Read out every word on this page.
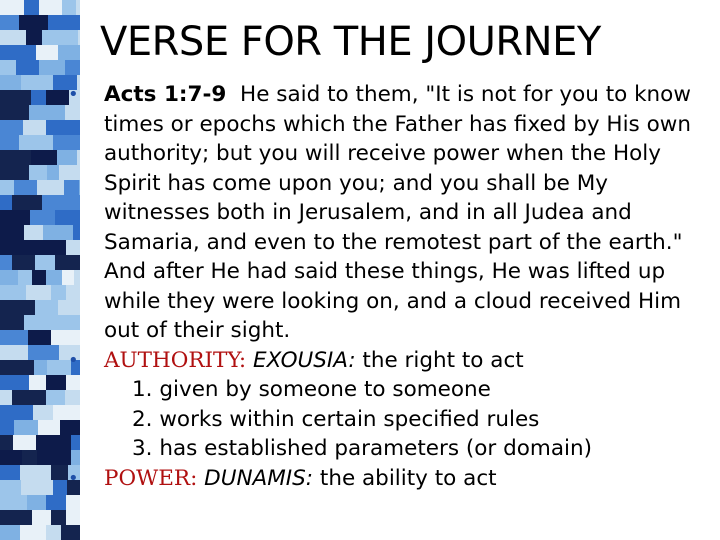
VERSE FOR THE JOURNEY
• Acts 1:7-9 He said to them, "It is not for you to know times or epochs which the Father has fixed by His own authority; but you will receive power when the Holy Spirit has come upon you; and you shall be My witnesses both in Jerusalem, and in all Judea and Samaria, and even to the remotest part of the earth." And after He had said these things, He was lifted up while they were looking on, and a cloud received Him out of their sight.
• AUTHORITY: EXOUSIA: the right to act
1. given by someone to someone
2. works within certain specified rules
3. has established parameters (or domain)
• POWER: DUNAMIS: the ability to act
